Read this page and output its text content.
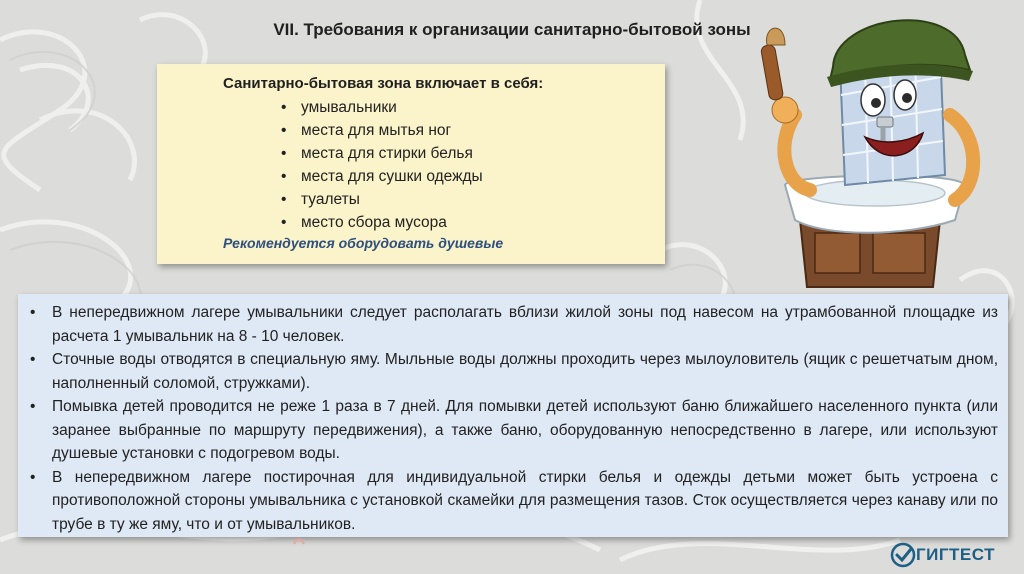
VII. Требования к организации санитарно-бытовой зоны
Санитарно-бытовая зона включает в себя:
• умывальники
• места для мытья ног
• места для стирки белья
• места для сушки одежды
• туалеты
• место сбора мусора
Рекомендуется оборудовать душевые
• В непередвижном лагере умывальники следует располагать вблизи жилой зоны под навесом на утрамбованной площадке из расчета 1 умывальник на 8 - 10 человек.
• Сточные воды отводятся в специальную яму. Мыльные воды должны проходить через мылоуловитель (ящик с решетчатым дном, наполненный соломой, стружками).
• Помывка детей проводится не реже 1 раза в 7 дней. Для помывки детей используют баню ближайшего населенного пункта (или заранее выбранные по маршруту передвижения), а также баню, оборудованную непосредственно в лагере, или используют душевые установки с подогревом воды.
• В непередвижном лагере постирочная для индивидуальной стирки белья и одежды детьми может быть устроена с противоположной стороны умывальника с установкой скамейки для размещения тазов. Сток осуществляется через канаву или по трубе в ту же яму, что и от умывальников.
ГИГТЕСТ
